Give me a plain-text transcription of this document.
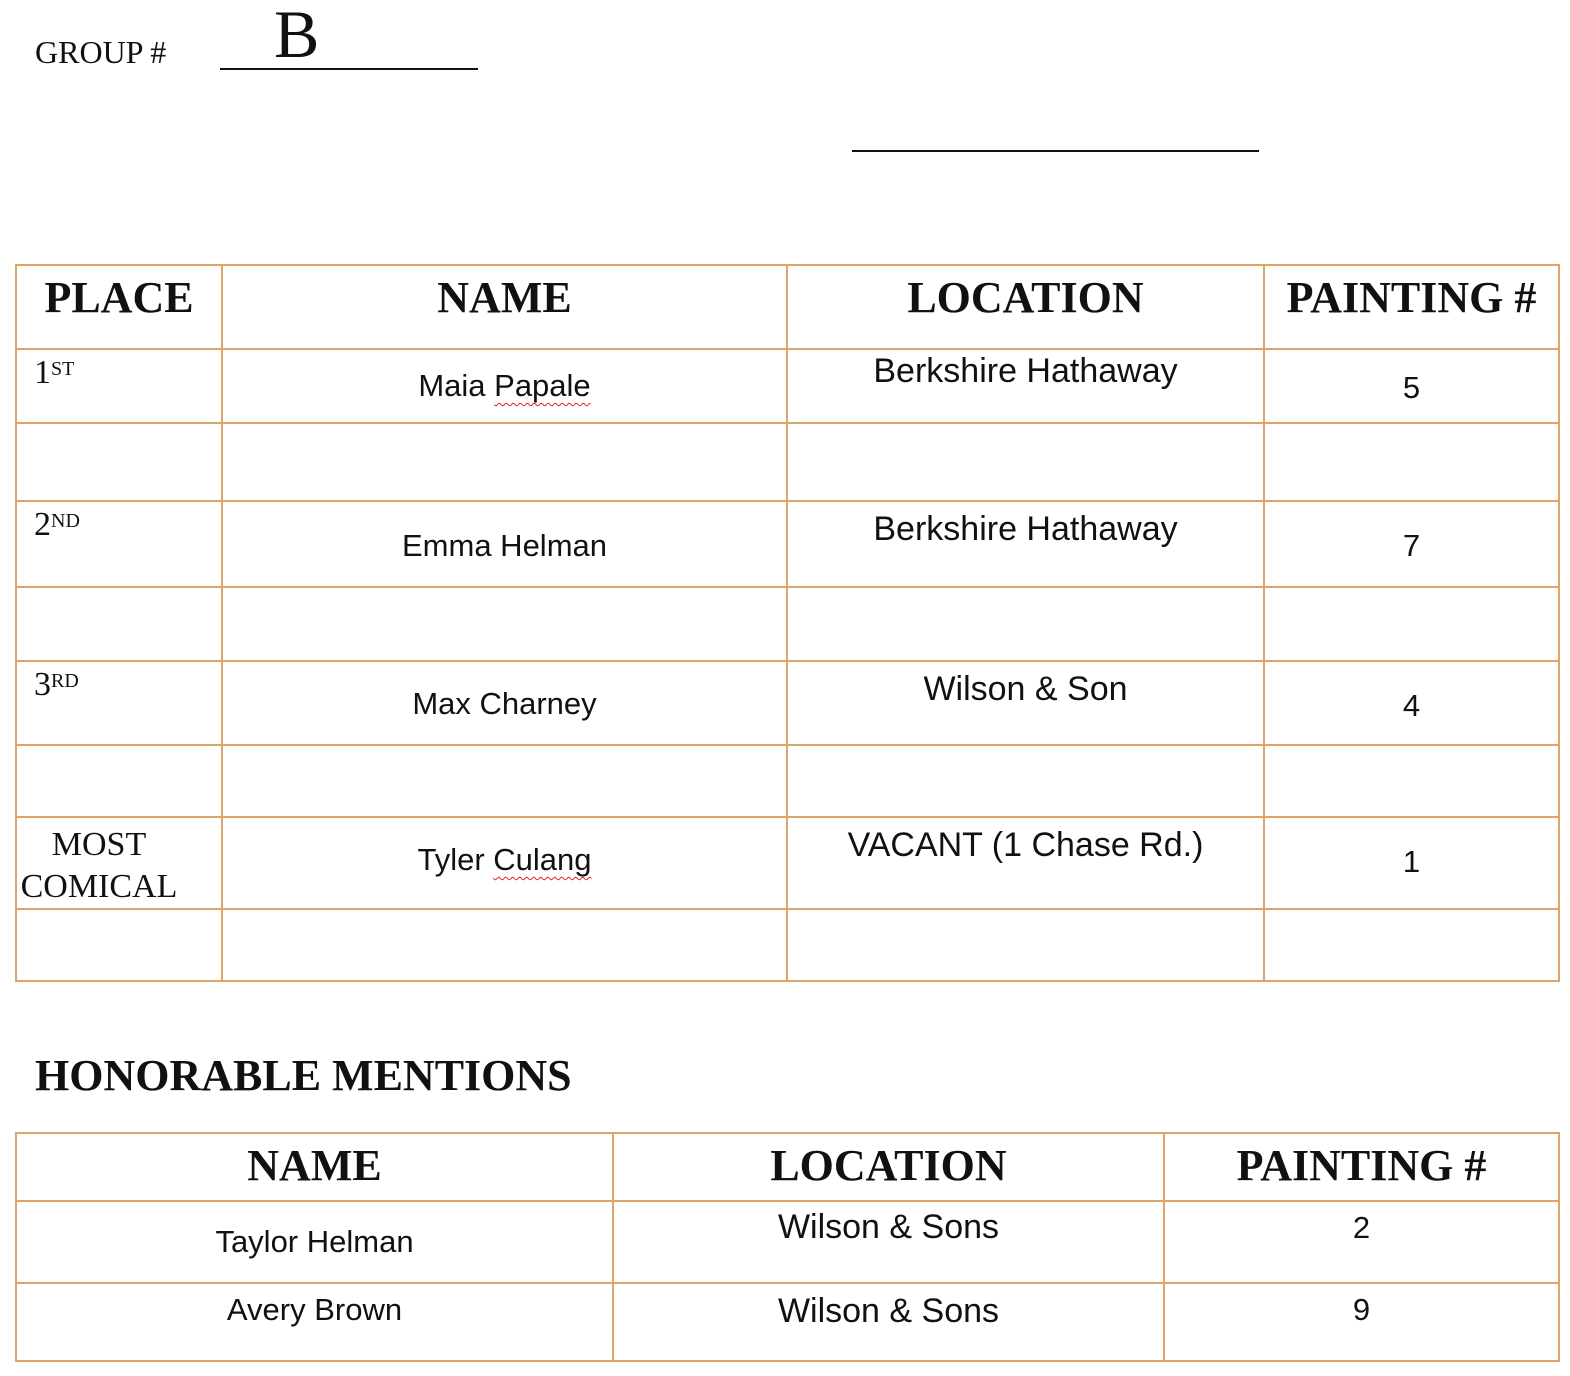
GROUP # B
PLACE	NAME	LOCATION	PAINTING #
1ST	Maia Papale	Berkshire Hathaway	5

2ND	Emma Helman	Berkshire Hathaway	7

3RD	Max Charney	Wilson & Son	4

MOST
COMICAL	Tyler Culang	VACANT (1 Chase Rd.)	1

HONORABLE MENTIONS
NAME	LOCATION	PAINTING #
Taylor Helman	Wilson & Sons	2
Avery Brown	Wilson & Sons	9
